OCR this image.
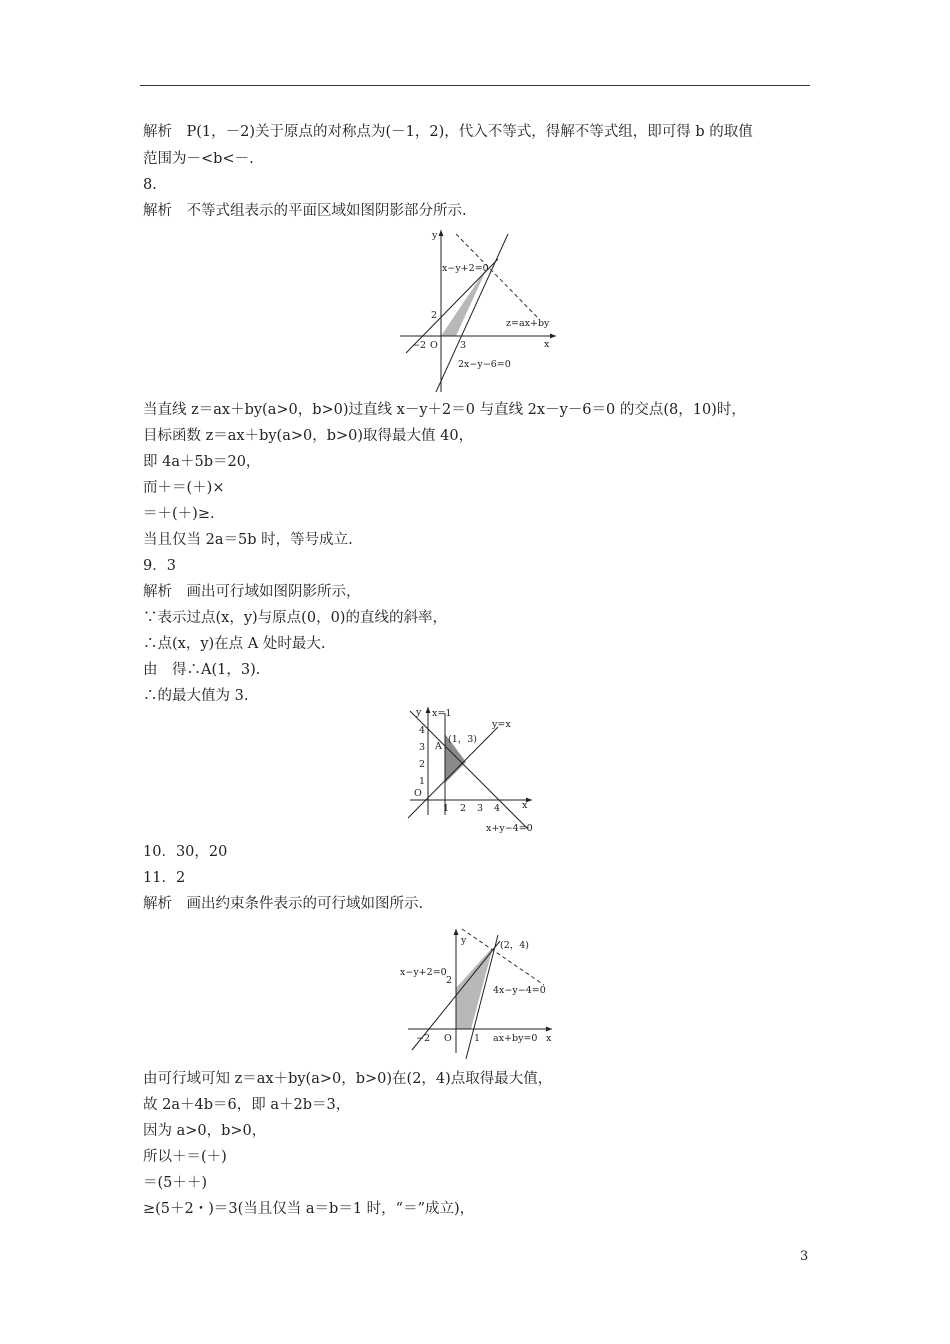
解析　P(1，－2)关于原点的对称点为(－1，2)，代入不等式，得解不等式组，即可得 b 的取值
范围为－<b<－.
8.
解析　不等式组表示的平面区域如图阴影部分所示.
y
x
O
x−y+2=0
2x−y−6=0
z=ax+by
2
−2	3
当直线 z＝ax＋by(a>0，b>0)过直线 x－y＋2＝0 与直线 2x－y－6＝0 的交点(8，10)时，
目标函数 z＝ax＋by(a>0，b>0)取得最大值 40，
即 4a＋5b＝20，
而＋＝(＋)×
＝＋(＋)≥.
当且仅当 2a＝5b 时，等号成立.
9．3
解析　画出可行域如图阴影所示，
∵表示过点(x，y)与原点(0，0)的直线的斜率，
∴点(x，y)在点 A 处时最大.
由　得∴A(1，3).
∴的最大值为 3.
y
x
O
x=1
y=x
x+y−4=0
A
(1，3)
1 2 3 4
1
2
3
4
10．30，20
11．2
解析　画出约束条件表示的可行域如图所示.
y
x
O
x−y+2=0
4x−y−4=0
ax+by=0
(2，4)
2
−2	1
由可行域可知 z＝ax＋by(a>0，b>0)在(2，4)点取得最大值，
故 2a＋4b＝6，即 a＋2b＝3，
因为 a>0，b>0，
所以＋＝(＋)
＝(5＋＋)
≥(5＋2・)＝3(当且仅当 a＝b＝1 时，“＝”成立)，
3
